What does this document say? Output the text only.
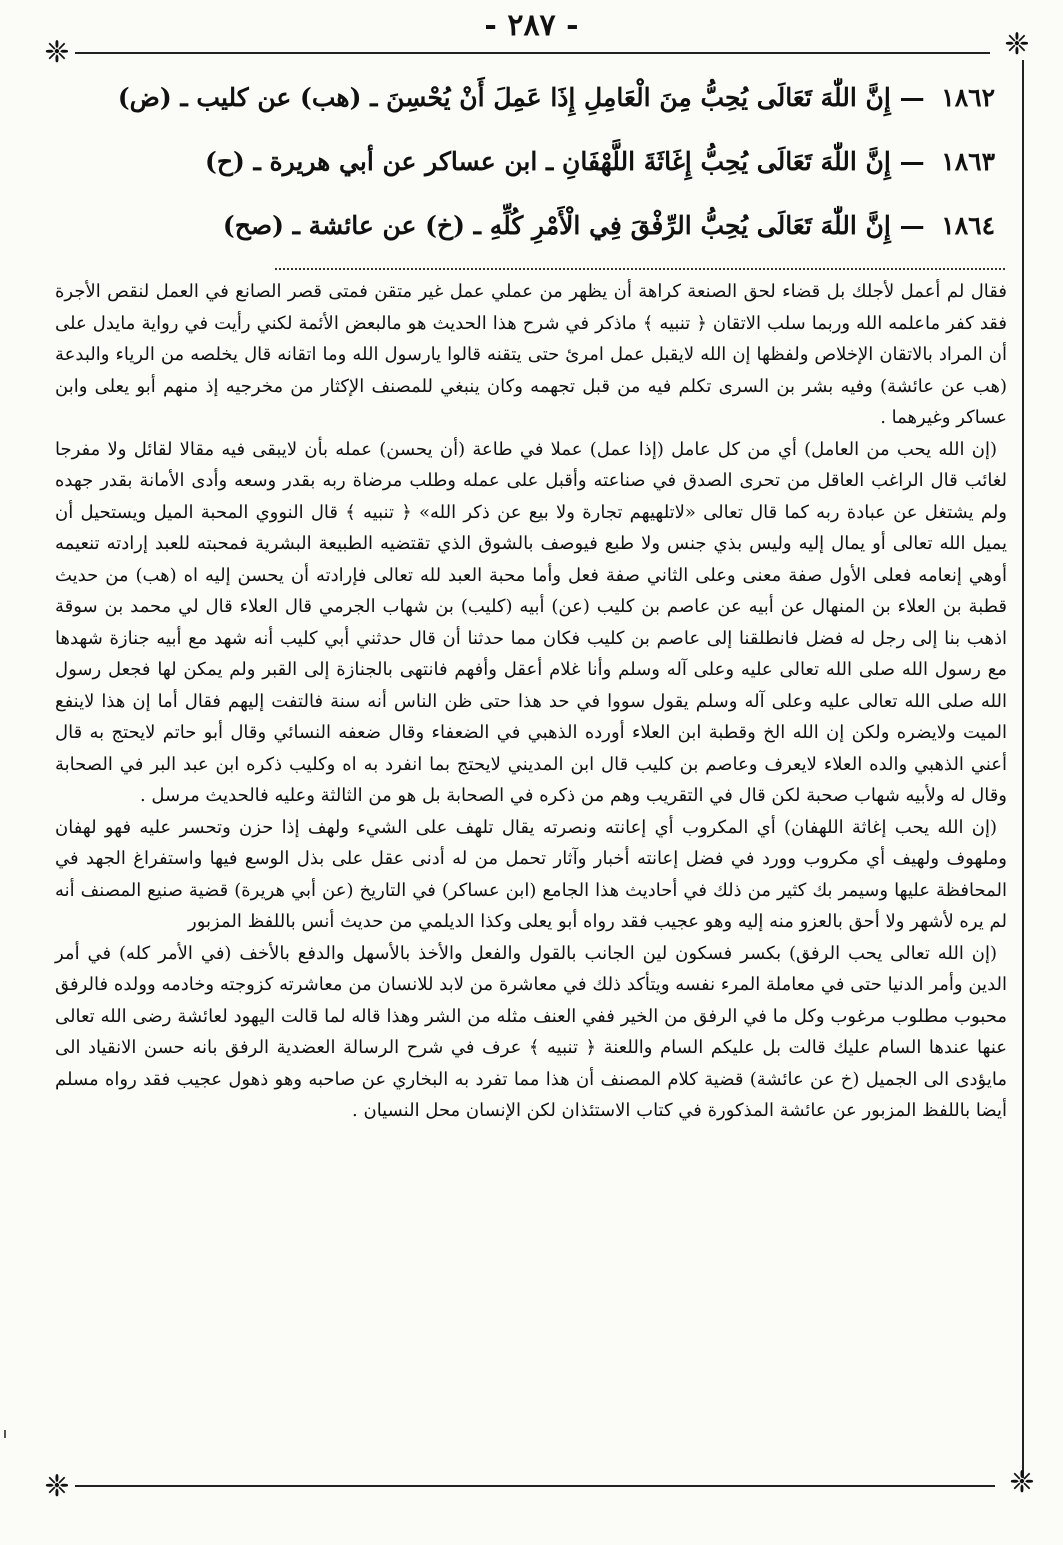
- ٢٨٧ -
❈	❈
❈	❈
١٨٦٢ — إِنَّ اللّٰهَ تَعَالَى يُحِبُّ مِنَ الْعَامِلِ إِذَا عَمِلَ أَنْ يُحْسِنَ ـ (هب) عن كليب ـ (ض)
١٨٦٣ — إِنَّ اللّٰهَ تَعَالَى يُحِبُّ إِغَاثَةَ اللَّهْفَانِ ـ ابن عساكر عن أبي هريرة ـ (ح)
١٨٦٤ — إِنَّ اللّٰهَ تَعَالَى يُحِبُّ الرِّفْقَ فِي الْأَمْرِ كُلِّهِ ـ (خ) عن عائشة ـ (صح)

فقال لم أعمل لأجلك بل قضاء لحق الصنعة كراهة أن يظهر من عملي عمل غير متقن فمتى قصر الصانع في العمل لنقص الأجرة فقد كفر ماعلمه الله وربما سلب الاتقان ﴿ تنبيه ﴾ ماذكر في شرح هذا الحديث هو مالبعض الأئمة لكني رأيت في رواية مايدل على أن المراد بالاتقان الإخلاص ولفظها إن الله لايقبل عمل امرئ حتى يتقنه قالوا يارسول الله وما اتقانه قال يخلصه من الرياء والبدعة (هب عن عائشة) وفيه بشر بن السرى تكلم فيه من قبل تجهمه وكان ينبغي للمصنف الإكثار من مخرجيه إذ منهم أبو يعلى وابن عساكر وغيرهما .

(إن الله يحب من العامل) أي من كل عامل (إذا عمل) عملا في طاعة (أن يحسن) عمله بأن لايبقى فيه مقالا لقائل ولا مفرجا لغائب قال الراغب العاقل من تحرى الصدق في صناعته وأقبل على عمله وطلب مرضاة ربه بقدر وسعه وأدى الأمانة بقدر جهده ولم يشتغل عن عبادة ربه كما قال تعالى «لاتلهيهم تجارة ولا بيع عن ذكر الله» ﴿ تنبيه ﴾ قال النووي المحبة الميل ويستحيل أن يميل الله تعالى أو يمال إليه وليس بذي جنس ولا طبع فيوصف بالشوق الذي تقتضيه الطبيعة البشرية فمحبته للعبد إرادته تنعيمه أوهي إنعامه فعلى الأول صفة معنى وعلى الثاني صفة فعل وأما محبة العبد لله تعالى فإرادته أن يحسن إليه اه (هب) من حديث قطبة بن العلاء بن المنهال عن أبيه عن عاصم بن كليب (عن) أبيه (كليب) بن شهاب الجرمي قال العلاء قال لي محمد بن سوقة اذهب بنا إلى رجل له فضل فانطلقنا إلى عاصم بن كليب فكان مما حدثنا أن قال حدثني أبي كليب أنه شهد مع أبيه جنازة شهدها مع رسول الله صلى الله تعالى عليه وعلى آله وسلم وأنا غلام أعقل وأفهم فانتهى بالجنازة إلى القبر ولم يمكن لها فجعل رسول الله صلى الله تعالى عليه وعلى آله وسلم يقول سووا في حد هذا حتى ظن الناس أنه سنة فالتفت إليهم فقال أما إن هذا لاينفع الميت ولايضره ولكن إن الله الخ وقطبة ابن العلاء أورده الذهبي في الضعفاء وقال ضعفه النسائي وقال أبو حاتم لايحتج به قال أعني الذهبي والده العلاء لايعرف وعاصم بن كليب قال ابن المديني لايحتج بما انفرد به اه وكليب ذكره ابن عبد البر في الصحابة وقال له ولأبيه شهاب صحبة لكن قال في التقريب وهم من ذكره في الصحابة بل هو من الثالثة وعليه فالحديث مرسل .

(إن الله يحب إغاثة اللهفان) أي المكروب أي إعانته ونصرته يقال تلهف على الشيء ولهف إذا حزن وتحسر عليه فهو لهفان وملهوف ولهيف أي مكروب وورد في فضل إعانته أخبار وآثار تحمل من له أدنى عقل على بذل الوسع فيها واستفراغ الجهد في المحافظة عليها وسيمر بك كثير من ذلك في أحاديث هذا الجامع (ابن عساكر) في التاريخ (عن أبي هريرة) قضية صنيع المصنف أنه لم يره لأشهر ولا أحق بالعزو منه إليه وهو عجيب فقد رواه أبو يعلى وكذا الديلمي من حديث أنس باللفظ المزبور

(إن الله تعالى يحب الرفق) بكسر فسكون لين الجانب بالقول والفعل والأخذ بالأسهل والدفع بالأخف (في الأمر كله) في أمر الدين وأمر الدنيا حتى في معاملة المرء نفسه ويتأكد ذلك في معاشرة من لابد للانسان من معاشرته كزوجته وخادمه وولده فالرفق محبوب مطلوب مرغوب وكل ما في الرفق من الخير ففي العنف مثله من الشر وهذا قاله لما قالت اليهود لعائشة رضى الله تعالى عنها عندها السام عليك قالت بل عليكم السام واللعنة ﴿ تنبيه ﴾ عرف في شرح الرسالة العضدية الرفق بانه حسن الانقياد الى مايؤدى الى الجميل (خ عن عائشة) قضية كلام المصنف أن هذا مما تفرد به البخاري عن صاحبه وهو ذهول عجيب فقد رواه مسلم أيضا باللفظ المزبور عن عائشة المذكورة في كتاب الاستئذان لكن الإنسان محل النسيان .
